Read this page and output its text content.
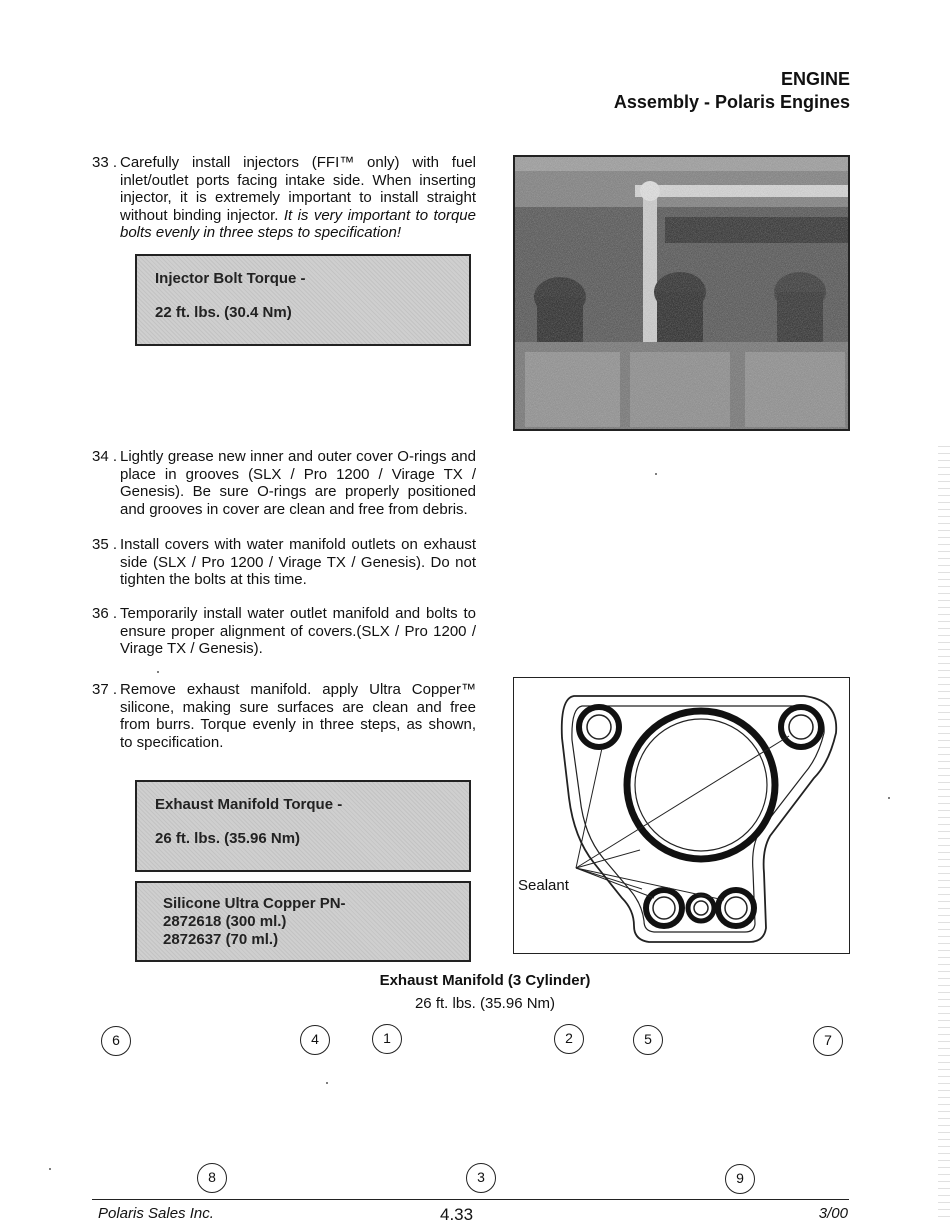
ENGINE
Assembly - Polaris Engines
33 . Carefully install injectors (FFI™ only) with fuel inlet/outlet ports facing intake side. When inserting injector, it is extremely important to install straight without binding injector. It is very important to torque bolts evenly in three steps to specification!
Injector Bolt Torque -
22 ft. lbs. (30.4 Nm)
34 . Lightly grease new inner and outer cover O-rings and place in grooves (SLX / Pro 1200 / Virage TX / Genesis). Be sure O-rings are properly positioned and grooves in cover are clean and free from debris.
35 . Install covers with water manifold outlets on exhaust side (SLX / Pro 1200 / Virage TX / Genesis). Do not tighten the bolts at this time.
36 . Temporarily install water outlet manifold and bolts to ensure proper alignment of covers.(SLX / Pro 1200 / Virage TX / Genesis).
37 . Remove exhaust manifold. apply Ultra Copper™ silicone, making sure surfaces are clean and free from burrs. Torque evenly in three steps, as shown, to specification.
Exhaust Manifold Torque -
26 ft. lbs. (35.96 Nm)
Silicone Ultra Copper PN-
2872618 (300 ml.)
2872637 (70 ml.)
Sealant
Exhaust Manifold (3 Cylinder)
26 ft. lbs. (35.96 Nm)
6	4	1	2	5	7
8	3	9
Polaris Sales Inc.	4.33	3/00
